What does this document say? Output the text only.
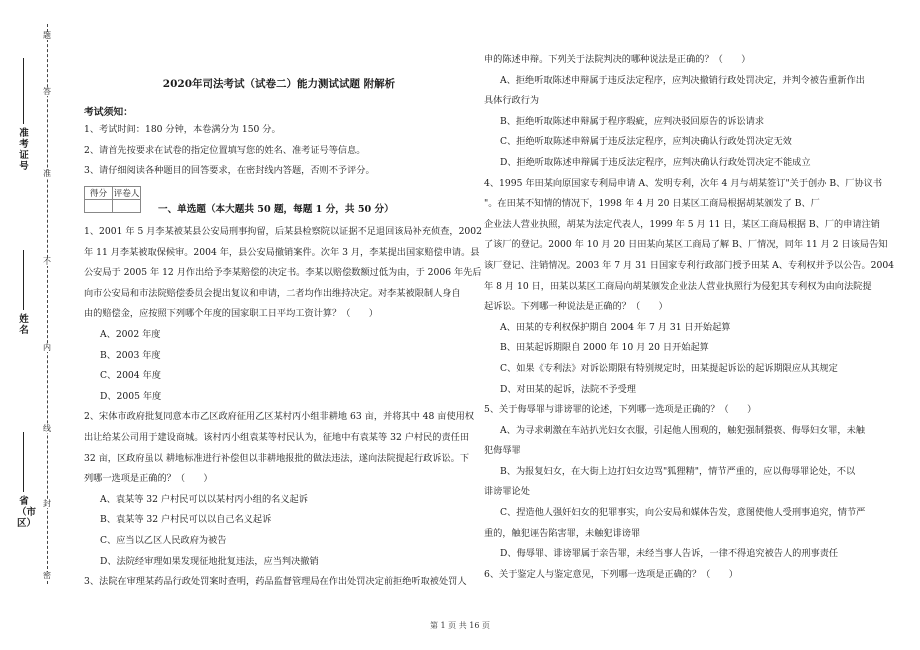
题
答
准
不
内
线
封
密
准考证号
姓名
省（市区）
2020年司法考试（试卷二）能力测试试题 附解析
考试须知：

1、考试时间：180 分钟，本卷满分为 150 分。

2、请首先按要求在试卷的指定位置填写您的姓名、准考证号等信息。

3、请仔细阅读各种题目的回答要求，在密封线内答题，否则不予评分。

得分	评卷人

一、单选题（本大题共 50 题，每题 1 分，共 50 分）

1、2001 年 5 月李某被某县公安局刑事拘留，后某县检察院以证据不足退回该局补充侦查，2002

年 11 月李某被取保候审。2004 年，县公安局撤销案件。次年 3 月，李某提出国家赔偿申请。县

公安局于 2005 年 12 月作出给予李某赔偿的决定书。李某以赔偿数额过低为由，于 2006 年先后

向市公安局和市法院赔偿委员会提出复议和申请，二者均作出维持决定。对李某被限制人身自

由的赔偿金，应按照下列哪个年度的国家职工日平均工资计算？（　　）

A、2002 年度

B、2003 年度

C、2004 年度

D、2005 年度

2、宋体市政府批复同意本市乙区政府征用乙区某村丙小组非耕地 63 亩，并将其中 48 亩使用权

出让给某公司用于建设商城。该村丙小组袁某等村民认为，征地中有袁某等 32 户村民的责任田

32 亩，区政府虽以 耕地标准进行补偿但以非耕地报批的做法违法，遂向法院提起行政诉讼。下

列哪一选项是正确的？（　　）

A、袁某等 32 户村民可以以某村丙小组的名义起诉

B、袁某等 32 户村民可以以自己名义起诉

C、应当以乙区人民政府为被告

D、法院经审理如果发现征地批复违法，应当判决撤销

3、法院在审理某药品行政处罚案时查明，药品监督管理局在作出处罚决定前拒绝听取被处罚人

申的陈述申辩。下列关于法院判决的哪种说法是正确的？（　　）

A、拒绝听取陈述申辩属于违反法定程序，应判决撤销行政处罚决定，并判令被告重新作出

具体行政行为

B、拒绝听取陈述申辩属于程序瑕疵，应判决驳回原告的诉讼请求

C、拒绝听取陈述申辩属于违反法定程序，应判决确认行政处罚决定无效

D、拒绝听取陈述申辩属于违反法定程序，应判决确认行政处罚决定不能成立

4、1995 年田某向原国家专利局申请 A、发明专利，次年 4 月与胡某签订"关于创办 B、厂协议书

"。在田某不知情的情况下，1998 年 4 月 20 日某区工商局根据胡某颁发了 B、厂

企业法人营业执照，胡某为法定代表人，1999 年 5 月 11 日，某区工商局根据 B、厂的申请注销

了该厂的登记。2000 年 10 月 20 日田某向某区工商局了解 B、厂情况，同年 11 月 2 日该局告知

该厂登记、注销情况。2003 年 7 月 31 日国家专利行政部门授予田某 A、专利权并予以公告。2004

年 8 月 10 日，田某以某区工商局向胡某颁发企业法人营业执照行为侵犯其专利权为由向法院提

起诉讼。下列哪一种说法是正确的？（　　）

A、田某的专利权保护期自 2004 年 7 月 31 日开始起算

B、田某起诉期限自 2000 年 10 月 20 日开始起算

C、如果《专利法》对诉讼期限有特别规定时，田某提起诉讼的起诉期限应从其规定

D、对田某的起诉，法院不予受理

5、关于侮辱罪与诽谤罪的论述，下列哪一选项是正确的？（　　）

A、为寻求刺激在车站扒光妇女衣服，引起他人围观的，触犯强制猥亵、侮辱妇女罪，未触

犯侮辱罪

B、为报复妇女，在大街上边打妇女边骂"狐狸精"，情节严重的，应以侮辱罪论处，不以

诽谤罪论处

C、捏造他人强奸妇女的犯罪事实，向公安局和媒体告发，意图使他人受刑事追究，情节严

重的，触犯诬告陷害罪，未触犯诽谤罪

D、侮辱罪、诽谤罪属于亲告罪，未经当事人告诉，一律不得追究被告人的刑事责任

6、关于鉴定人与鉴定意见，下列哪一选项是正确的？（　　）

第 1 页 共 16 页
